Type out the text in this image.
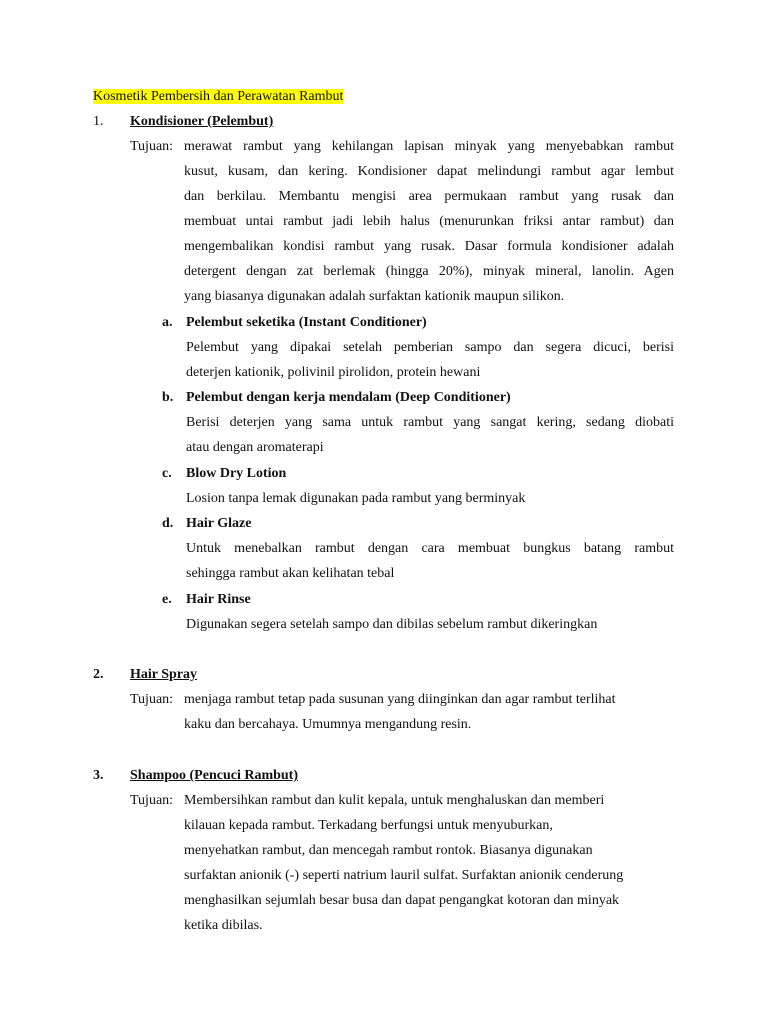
Kosmetik Pembersih dan Perawatan Rambut
1. Kondisioner (Pelembut)
Tujuan: merawat rambut yang kehilangan lapisan minyak yang menyebabkan rambut
kusut, kusam, dan kering. Kondisioner dapat melindungi rambut agar lembut
dan berkilau. Membantu mengisi area permukaan rambut yang rusak dan
membuat untai rambut jadi lebih halus (menurunkan friksi antar rambut) dan
mengembalikan kondisi rambut yang rusak. Dasar formula kondisioner adalah
detergent dengan zat berlemak (hingga 20%), minyak mineral, lanolin. Agen
yang biasanya digunakan adalah surfaktan kationik maupun silikon.
a. Pelembut seketika (Instant Conditioner)
Pelembut yang dipakai setelah pemberian sampo dan segera dicuci, berisi
deterjen kationik, polivinil pirolidon, protein hewani
b. Pelembut dengan kerja mendalam (Deep Conditioner)
Berisi deterjen yang sama untuk rambut yang sangat kering, sedang diobati
atau dengan aromaterapi
c. Blow Dry Lotion
Losion tanpa lemak digunakan pada rambut yang berminyak
d. Hair Glaze
Untuk menebalkan rambut dengan cara membuat bungkus batang rambut
sehingga rambut akan kelihatan tebal
e. Hair Rinse
Digunakan segera setelah sampo dan dibilas sebelum rambut dikeringkan
2. Hair Spray
Tujuan: menjaga rambut tetap pada susunan yang diinginkan dan agar rambut terlihat
kaku dan bercahaya. Umumnya mengandung resin.
3. Shampoo (Pencuci Rambut)
Tujuan: Membersihkan rambut dan kulit kepala, untuk menghaluskan dan memberi
kilauan kepada rambut. Terkadang berfungsi untuk menyuburkan,
menyehatkan rambut, dan mencegah rambut rontok. Biasanya digunakan
surfaktan anionik (-) seperti natrium lauril sulfat. Surfaktan anionik cenderung
menghasilkan sejumlah besar busa dan dapat pengangkat kotoran dan minyak
ketika dibilas.
